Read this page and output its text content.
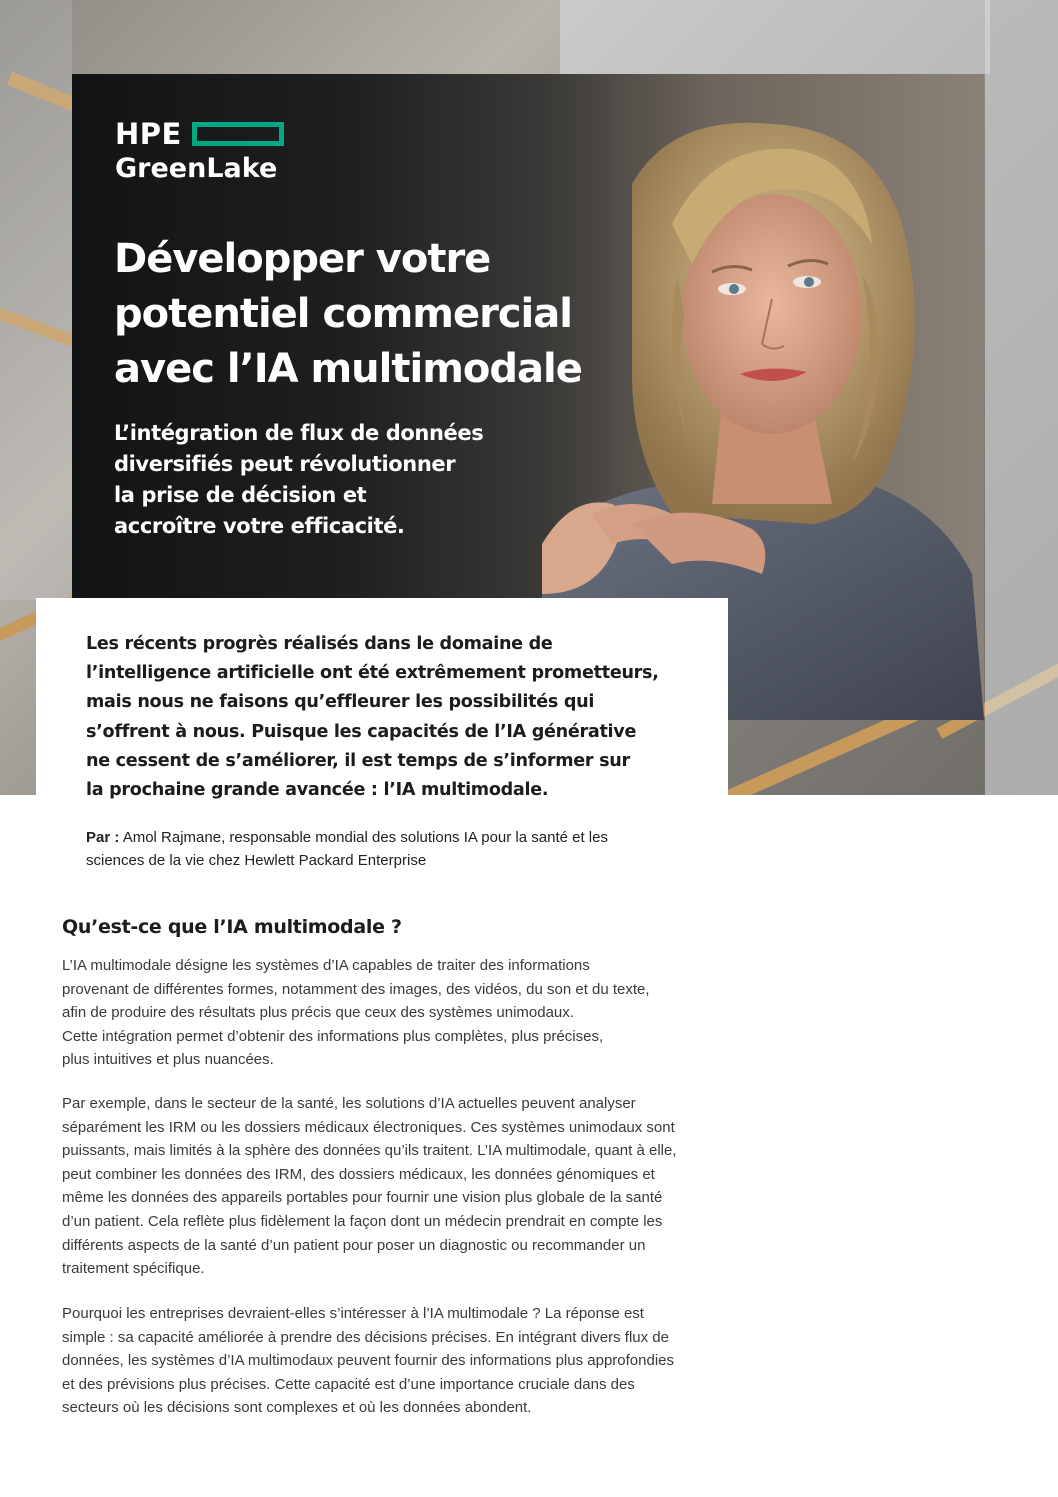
HPE
GreenLake
Développer votre
potentiel commercial
avec l’IA multimodale
L’intégration de flux de données
diversifiés peut révolutionner
la prise de décision et
accroître votre efficacité.
Les récents progrès réalisés dans le domaine de
l’intelligence artificielle ont été extrêmement prometteurs,
mais nous ne faisons qu’effleurer les possibilités qui
s’offrent à nous. Puisque les capacités de l’IA générative
ne cessent de s’améliorer, il est temps de s’informer sur
la prochaine grande avancée : l’IA multimodale.
Par : Amol Rajmane, responsable mondial des solutions IA pour la santé et les
sciences de la vie chez Hewlett Packard Enterprise
Qu’est-ce que l’IA multimodale ?
L’IA multimodale désigne les systèmes d’IA capables de traiter des informations
provenant de différentes formes, notamment des images, des vidéos, du son et du texte,
afin de produire des résultats plus précis que ceux des systèmes unimodaux.
Cette intégration permet d’obtenir des informations plus complètes, plus précises,
plus intuitives et plus nuancées.
Par exemple, dans le secteur de la santé, les solutions d’IA actuelles peuvent analyser
séparément les IRM ou les dossiers médicaux électroniques. Ces systèmes unimodaux sont
puissants, mais limités à la sphère des données qu’ils traitent. L’IA multimodale, quant à elle,
peut combiner les données des IRM, des dossiers médicaux, les données génomiques et
même les données des appareils portables pour fournir une vision plus globale de la santé
d’un patient. Cela reflète plus fidèlement la façon dont un médecin prendrait en compte les
différents aspects de la santé d’un patient pour poser un diagnostic ou recommander un
traitement spécifique.
Pourquoi les entreprises devraient-elles s’intéresser à l’IA multimodale ? La réponse est
simple : sa capacité améliorée à prendre des décisions précises. En intégrant divers flux de
données, les systèmes d’IA multimodaux peuvent fournir des informations plus approfondies
et des prévisions plus précises. Cette capacité est d’une importance cruciale dans des
secteurs où les décisions sont complexes et où les données abondent.
